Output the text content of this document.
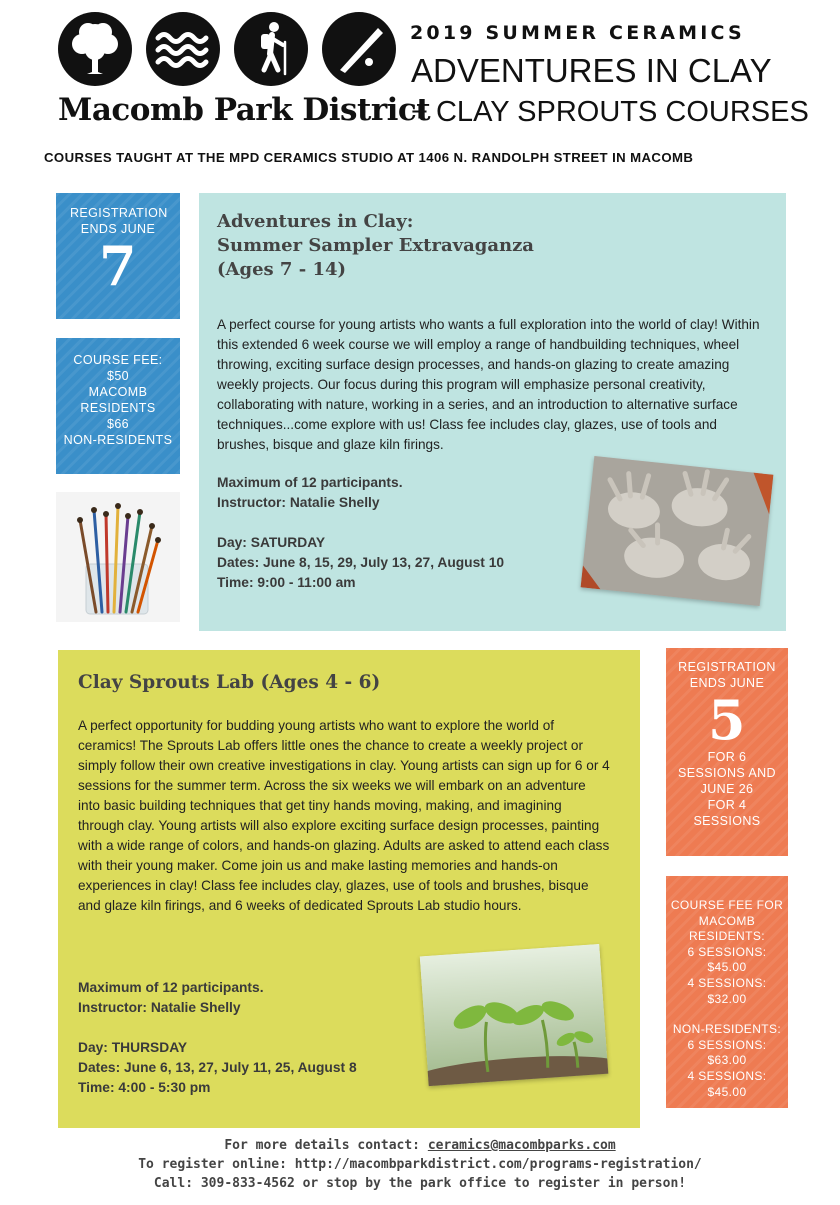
Macomb Park District
2019 SUMMER CERAMICS
ADVENTURES IN CLAY
+ CLAY SPROUTS COURSES
COURSES TAUGHT AT THE MPD CERAMICS STUDIO AT 1406 N. RANDOLPH STREET IN MACOMB
REGISTRATION ENDS JUNE
7
COURSE FEE:
$50
MACOMB
RESIDENTS
$66
NON-RESIDENTS
Adventures in Clay:
Summer Sampler Extravaganza
(Ages 7 - 14)
A perfect course for young artists who wants a full exploration into the world of clay! Within this extended 6 week course we will employ a range of handbuilding techniques, wheel throwing, exciting surface design processes, and hands-on glazing to create amazing weekly projects. Our focus during this program will emphasize personal creativity, collaborating with nature, working in a series, and an introduction to alternative surface techniques...come explore with us! Class fee includes clay, glazes, use of tools and brushes, bisque and glaze kiln firings.
Maximum of 12 participants.
Instructor: Natalie Shelly
Day: SATURDAY
Dates: June 8, 15, 29, July 13, 27, August 10
Time: 9:00 - 11:00 am
Clay Sprouts Lab (Ages 4 - 6)
A perfect opportunity for budding young artists who want to explore the world of ceramics! The Sprouts Lab offers little ones the chance to create a weekly project or simply follow their own creative investigations in clay. Young artists can sign up for 6 or 4 sessions for the summer term. Across the six weeks we will embark on an adventure into basic building techniques that get tiny hands moving, making, and imagining through clay. Young artists will also explore exciting surface design processes, painting with a wide range of colors, and hands-on glazing. Adults are asked to attend each class with their young maker. Come join us and make lasting memories and hands-on experiences in clay! Class fee includes clay, glazes, use of tools and brushes, bisque and glaze kiln firings, and 6 weeks of dedicated Sprouts Lab studio hours.
Maximum of 12 participants.
Instructor: Natalie Shelly
Day: THURSDAY
Dates: June 6, 13, 27, July 11, 25, August 8
Time: 4:00 - 5:30 pm
REGISTRATION ENDS JUNE
5
FOR 6
SESSIONS AND
JUNE 26
FOR 4
SESSIONS
COURSE FEE FOR
MACOMB
RESIDENTS:
6 SESSIONS:
$45.00
4 SESSIONS:
$32.00
NON-RESIDENTS:
6 SESSIONS:
$63.00
4 SESSIONS:
$45.00
For more details contact: ceramics@macombparks.com
To register online: http://macombparkdistrict.com/programs-registration/
Call: 309-833-4562 or stop by the park office to register in person!
